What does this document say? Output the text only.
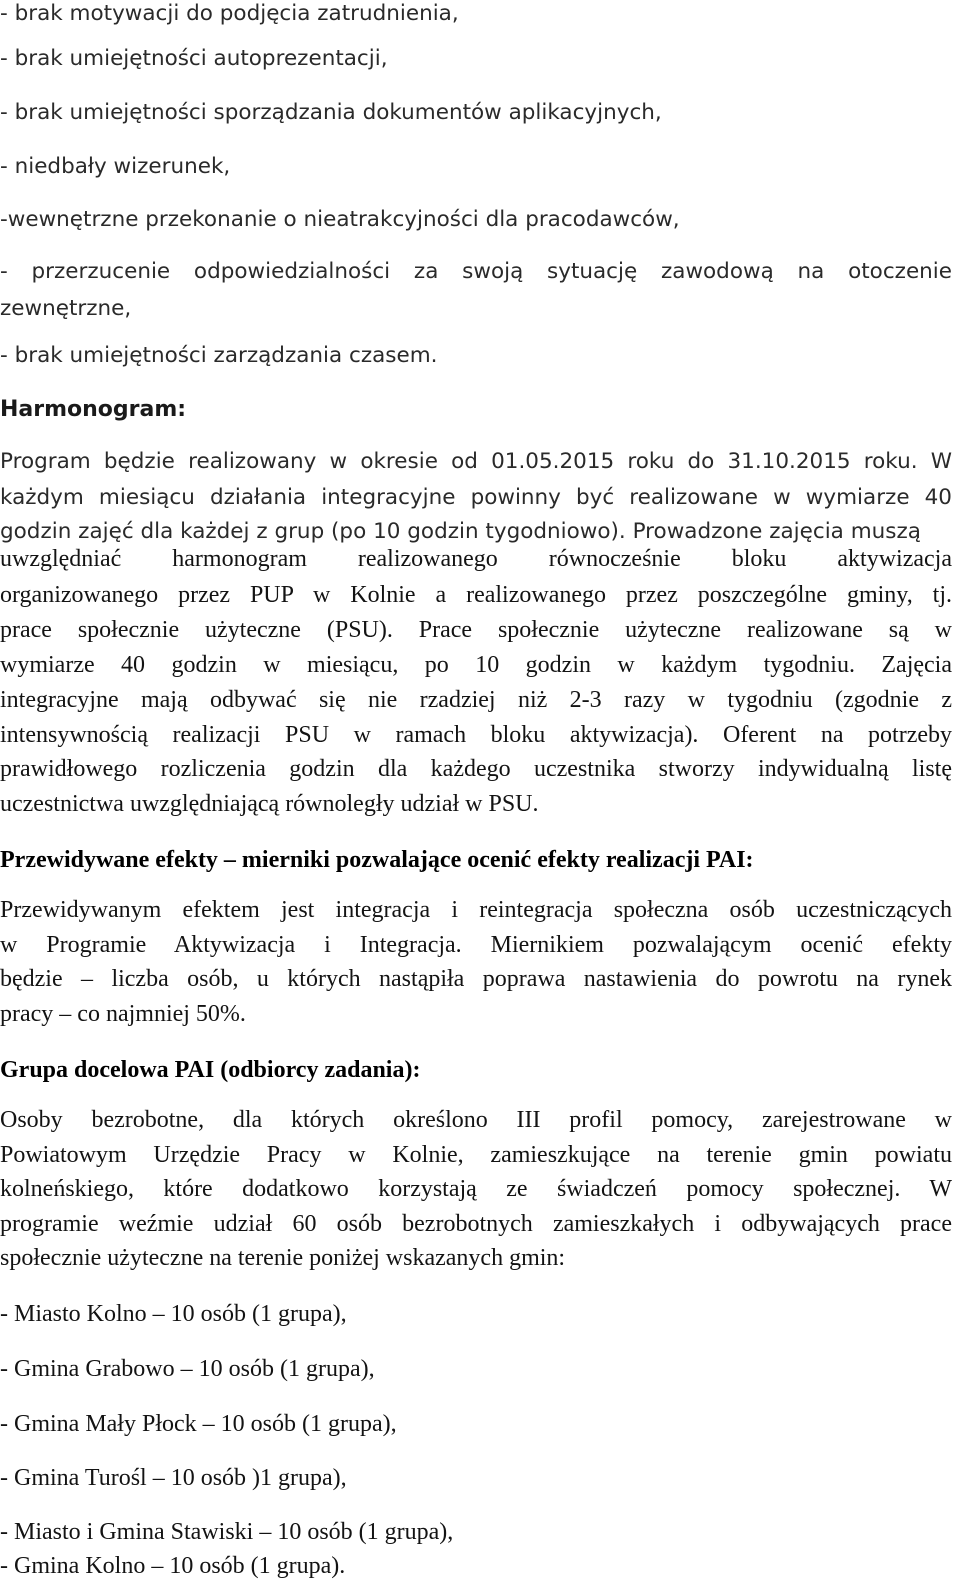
- brak motywacji do podjęcia zatrudnienia,
- brak umiejętności autoprezentacji,
- brak umiejętności sporządzania dokumentów aplikacyjnych,
- niedbały wizerunek,
-wewnętrzne przekonanie o nieatrakcyjności dla pracodawców,
- przerzucenie odpowiedzialności za swoją sytuację zawodową na otoczenie
zewnętrzne,
- brak umiejętności zarządzania czasem.
Harmonogram:
Program będzie realizowany w okresie od 01.05.2015 roku do 31.10.2015 roku. W
każdym miesiącu działania integracyjne powinny być realizowane w wymiarze 40
godzin zajęć dla każdej z grup (po 10 godzin tygodniowo). Prowadzone zajęcia muszą
uwzględniać harmonogram realizowanego równocześnie bloku aktywizacja
organizowanego przez PUP w Kolnie a realizowanego przez poszczególne gminy, tj.
prace społecznie użyteczne (PSU). Prace społecznie użyteczne realizowane są w
wymiarze 40 godzin w miesiącu, po 10 godzin w każdym tygodniu. Zajęcia
integracyjne mają odbywać się nie rzadziej niż 2-3 razy w tygodniu (zgodnie z
intensywnością realizacji PSU w ramach bloku aktywizacja). Oferent na potrzeby
prawidłowego rozliczenia godzin dla każdego uczestnika stworzy indywidualną listę
uczestnictwa uwzględniającą równoległy udział w PSU.
Przewidywane efekty – mierniki pozwalające ocenić efekty realizacji PAI:
Przewidywanym efektem jest integracja i reintegracja społeczna osób uczestniczących
w Programie Aktywizacja i Integracja. Miernikiem pozwalającym ocenić efekty
będzie – liczba osób, u których nastąpiła poprawa nastawienia do powrotu na rynek
pracy – co najmniej 50%.
Grupa docelowa PAI (odbiorcy zadania):
Osoby bezrobotne, dla których określono III profil pomocy, zarejestrowane w
Powiatowym Urzędzie Pracy w Kolnie, zamieszkujące na terenie gmin powiatu
kolneńskiego, które dodatkowo korzystają ze świadczeń pomocy społecznej. W
programie weźmie udział 60 osób bezrobotnych zamieszkałych i odbywających prace
społecznie użyteczne na terenie poniżej wskazanych gmin:
- Miasto Kolno – 10 osób (1 grupa),
- Gmina Grabowo – 10 osób (1 grupa),
- Gmina Mały Płock – 10 osób (1 grupa),
- Gmina Turośl – 10 osób )1 grupa),
- Miasto i Gmina Stawiski – 10 osób (1 grupa),
- Gmina Kolno – 10 osób (1 grupa).
